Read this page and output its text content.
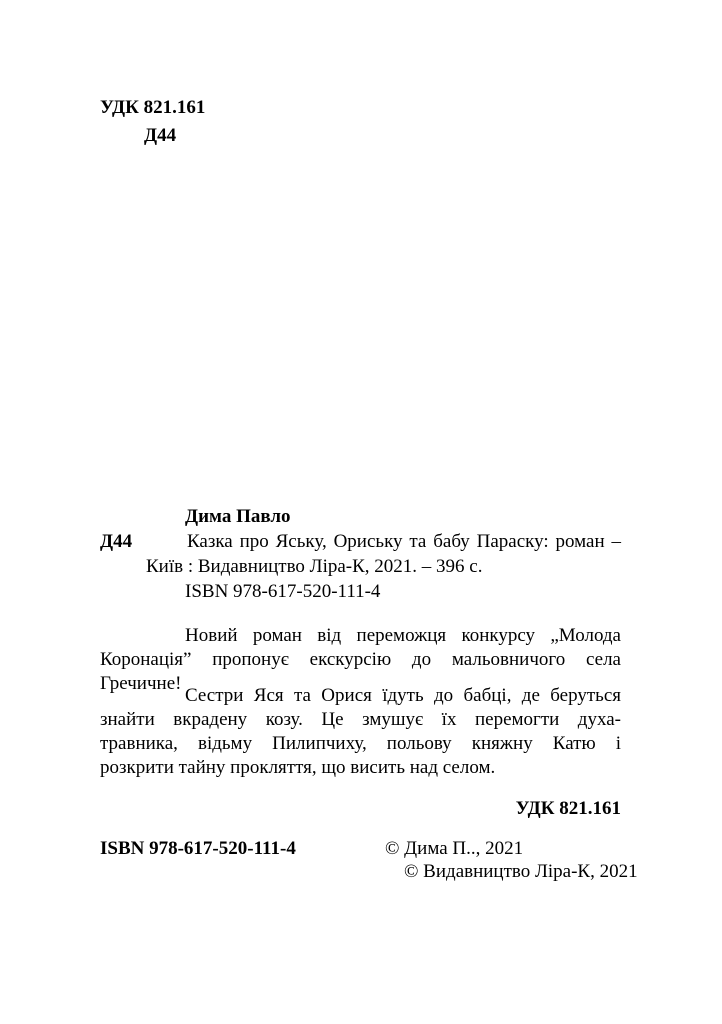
УДК 821.161
Д44
Дима Павло
Д44	Казка про Яську, Ориську та бабу Параску: роман –
Київ : Видавництво Ліра-К, 2021. – 396 с.
ISBN 978-617-520-111-4
Новий роман від переможця конкурсу „Молода
Коронація” пропонує екскурсію до мальовничого села
Гречичне!
Сестри Яся та Орися їдуть до бабці, де беруться
знайти вкрадену козу. Це змушує їх перемогти духа-
травника, відьму Пилипчиху, польову княжну Катю і
розкрити тайну прокляття, що висить над селом.
УДК 821.161
ISBN 978-617-520-111-4	© Дима П.., 2021
© Видавництво Ліра-К, 2021
